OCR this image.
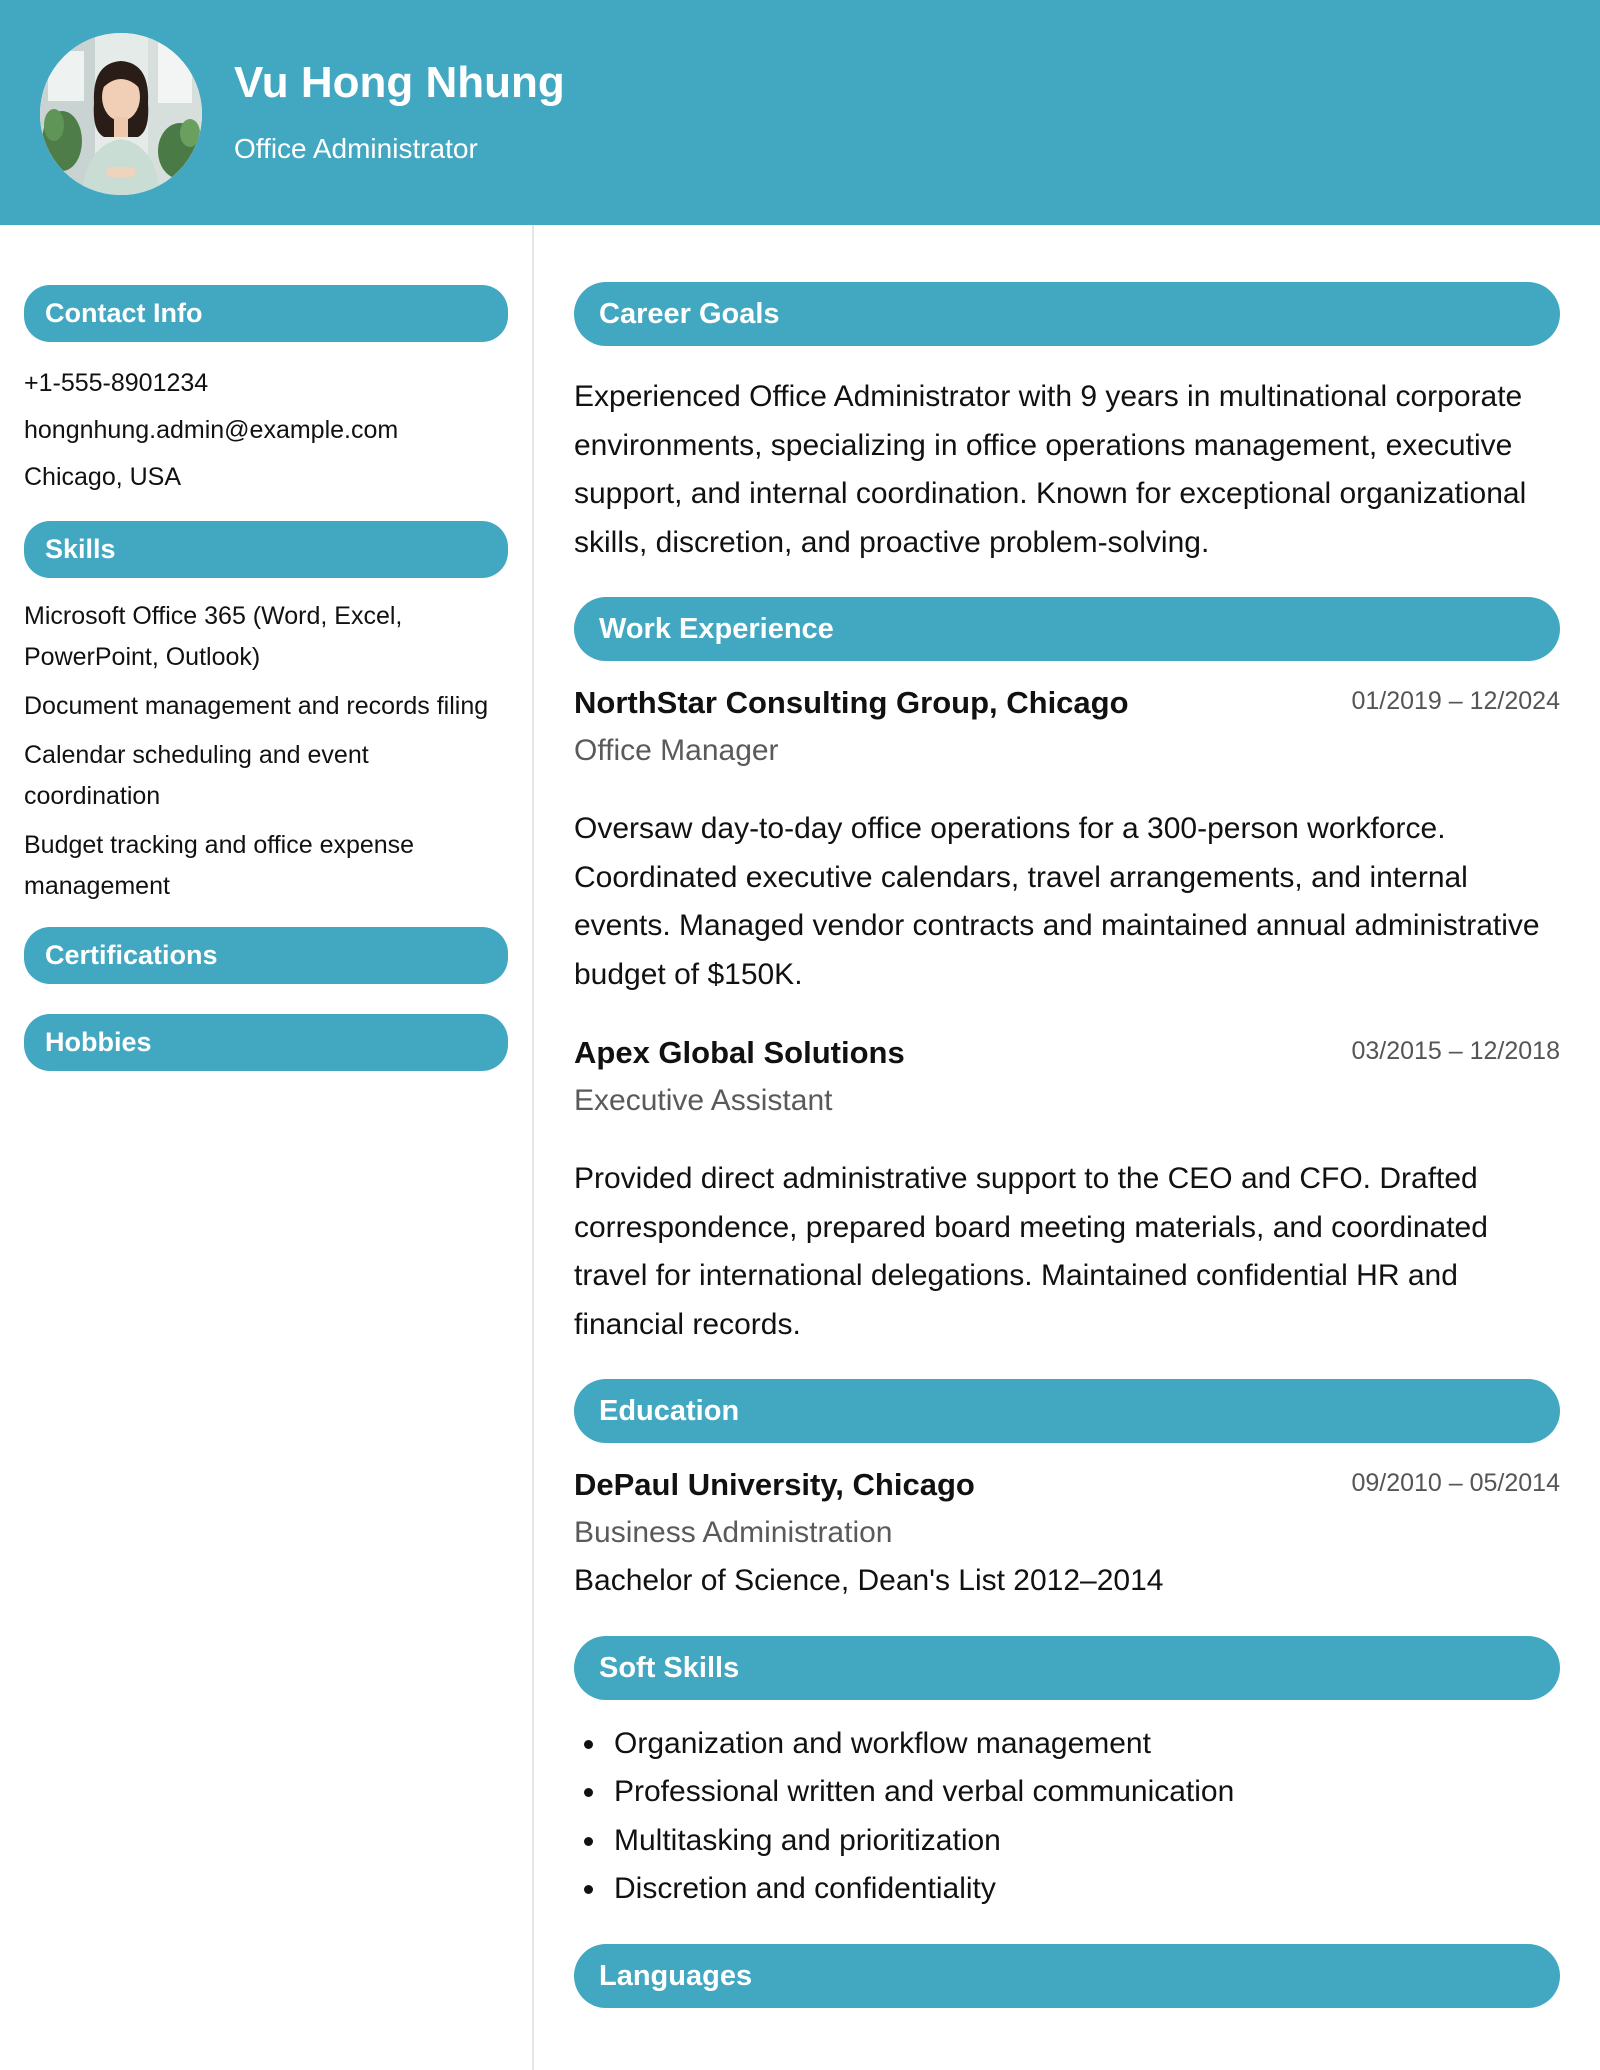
Vu Hong Nhung
Office Administrator
Contact Info
+1-555-8901234
hongnhung.admin@example.com
Chicago, USA
Skills
Microsoft Office 365 (Word, Excel, PowerPoint, Outlook)
Document management and records filing
Calendar scheduling and event coordination
Budget tracking and office expense management
Certifications
Hobbies
Career Goals
Experienced Office Administrator with 9 years in multinational corporate environments, specializing in office operations management, executive support, and internal coordination. Known for exceptional organizational skills, discretion, and proactive problem-solving.
Work Experience
NorthStar Consulting Group, Chicago	01/2019 – 12/2024
Office Manager
Oversaw day-to-day office operations for a 300-person workforce. Coordinated executive calendars, travel arrangements, and internal events. Managed vendor contracts and maintained annual administrative budget of $150K.
Apex Global Solutions	03/2015 – 12/2018
Executive Assistant
Provided direct administrative support to the CEO and CFO. Drafted correspondence, prepared board meeting materials, and coordinated travel for international delegations. Maintained confidential HR and financial records.
Education
DePaul University, Chicago	09/2010 – 05/2014
Business Administration
Bachelor of Science, Dean's List 2012–2014
Soft Skills
Organization and workflow management
Professional written and verbal communication
Multitasking and prioritization
Discretion and confidentiality
Languages
